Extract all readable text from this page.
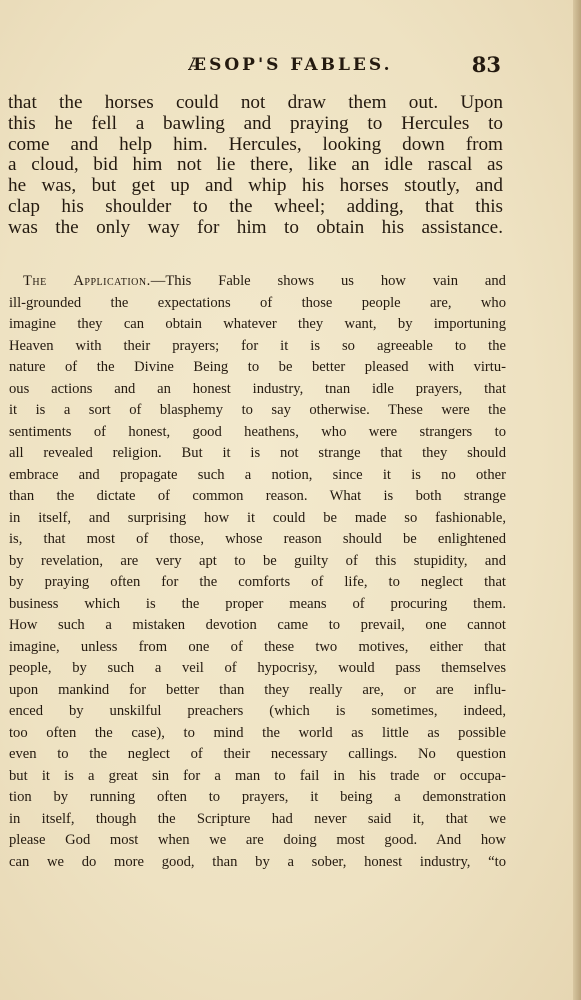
ÆSOP'S FABLES.	83
that the horses could not draw them out. Upon
this he fell a bawling and praying to Hercules to
come and help him. Hercules, looking down from
a cloud, bid him not lie there, like an idle rascal as
he was, but get up and whip his horses stoutly, and
clap his shoulder to the wheel; adding, that this
was the only way for him to obtain his assistance.
The Application.—This Fable shows us how vain and
ill-grounded the expectations of those people are, who
imagine they can obtain whatever they want, by importuning
Heaven with their prayers; for it is so agreeable to the
nature of the Divine Being to be better pleased with virtu-
ous actions and an honest industry, tnan idle prayers, that
it is a sort of blasphemy to say otherwise. These were the
sentiments of honest, good heathens, who were strangers to
all revealed religion. But it is not strange that they should
embrace and propagate such a notion, since it is no other
than the dictate of common reason. What is both strange
in itself, and surprising how it could be made so fashionable,
is, that most of those, whose reason should be enlightened
by revelation, are very apt to be guilty of this stupidity, and
by praying often for the comforts of life, to neglect that
business which is the proper means of procuring them.
How such a mistaken devotion came to prevail, one cannot
imagine, unless from one of these two motives, either that
people, by such a veil of hypocrisy, would pass themselves
upon mankind for better than they really are, or are influ-
enced by unskilful preachers (which is sometimes, indeed,
too often the case), to mind the world as little as possible
even to the neglect of their necessary callings. No question
but it is a great sin for a man to fail in his trade or occupa-
tion by running often to prayers, it being a demonstration
in itself, though the Scripture had never said it, that we
please God most when we are doing most good. And how
can we do more good, than by a sober, honest industry, “to
